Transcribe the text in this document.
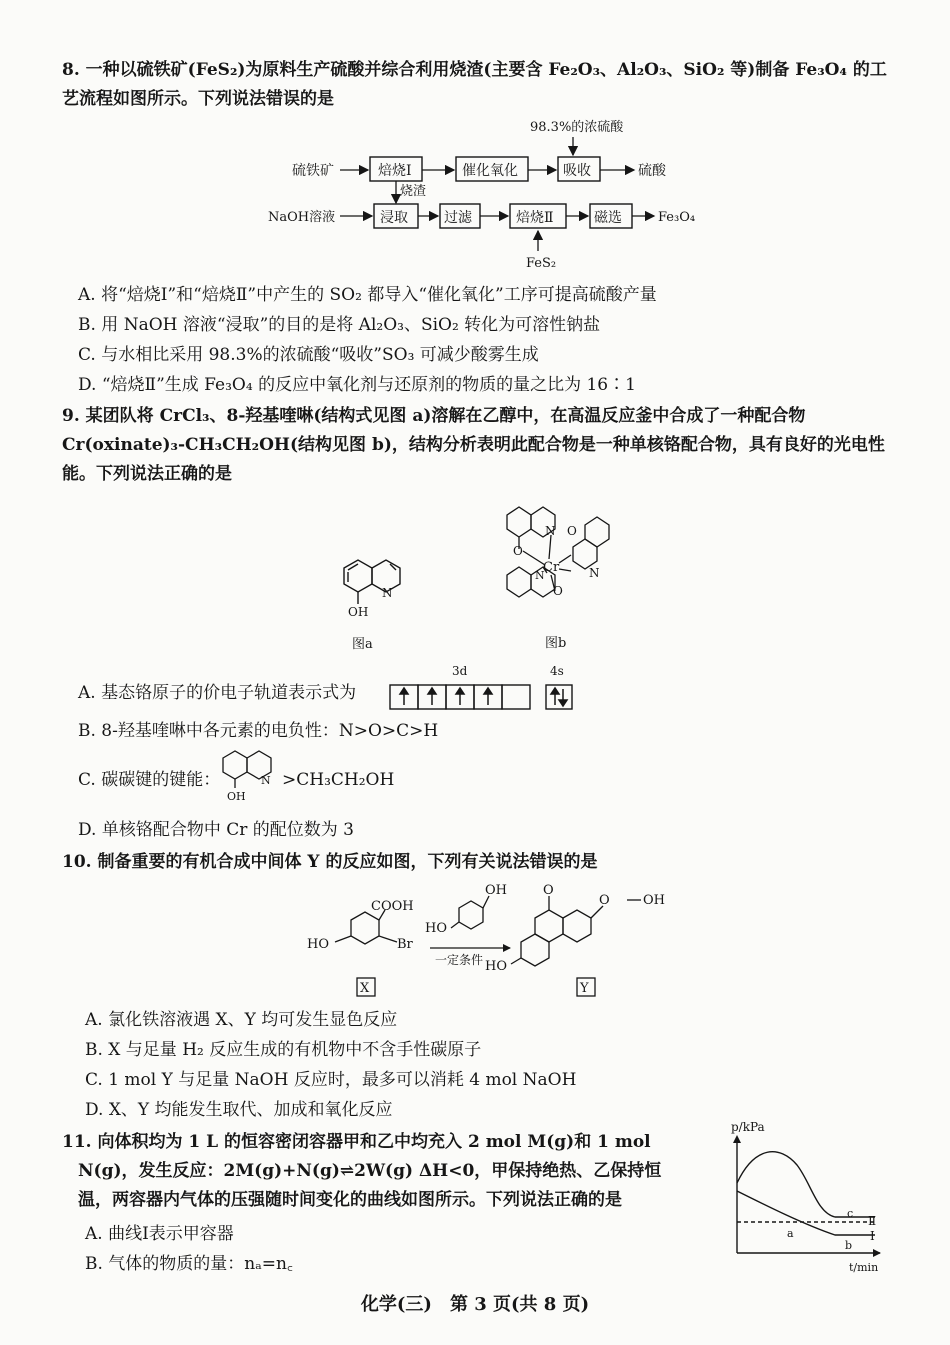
8. 一种以硫铁矿(FeS₂)为原料生产硫酸并综合利用烧渣(主要含 Fe₂O₃、Al₂O₃、SiO₂ 等)制备 Fe₃O₄ 的工艺流程如图所示。下列说法错误的是
98.3%的浓硫酸
硫铁矿	焙烧Ⅰ	催化氧化	吸收	硫酸
烧渣
NaOH溶液	浸取	过滤	焙烧Ⅱ	磁选	Fe₃O₄
FeS₂
A. 将“焙烧Ⅰ”和“焙烧Ⅱ”中产生的 SO₂ 都导入“催化氧化”工序可提高硫酸产量
B. 用 NaOH 溶液“浸取”的目的是将 Al₂O₃、SiO₂ 转化为可溶性钠盐
C. 与水相比采用 98.3%的浓硫酸“吸收”SO₃ 可减少酸雾生成
D. “焙烧Ⅱ”生成 Fe₃O₄ 的反应中氧化剂与还原剂的物质的量之比为 16∶1
9. 某团队将 CrCl₃、8-羟基喹啉(结构式见图 a)溶解在乙醇中，在高温反应釜中合成了一种配合物 Cr(oxinate)₃-CH₃CH₂OH(结构见图 b)，结构分析表明此配合物是一种单核铬配合物，具有良好的光电性能。下列说法正确的是
N
OH
图a
N
O
O
Cr N
N
O
图b
A. 基态铬原子的价电子轨道表示式为
3d	4s
B. 8-羟基喹啉中各元素的电负性：N>O>C>H
C. 碳碳键的键能：	N
OH
>CH₃CH₂OH
D. 单核铬配合物中 Cr 的配位数为 3
10. 制备重要的有机合成中间体 Y 的反应如图，下列有关说法错误的是
COOH
Br
HO
OH
HO
一定条件
O
O	OH
HO
X	Y
A. 氯化铁溶液遇 X、Y 均可发生显色反应
B. X 与足量 H₂ 反应生成的有机物中不含手性碳原子
C. 1 mol Y 与足量 NaOH 反应时，最多可以消耗 4 mol NaOH
D. X、Y 均能发生取代、加成和氧化反应
11. 向体积均为 1 L 的恒容密闭容器甲和乙中均充入 2 mol M(g)和 1 mol
N(g)，发生反应：2M(g)+N(g)⇌2W(g) ΔH<0，甲保持绝热、乙保持恒
温，两容器内气体的压强随时间变化的曲线如图所示。下列说法正确的是
A. 曲线Ⅰ表示甲容器
B. 气体的物质的量：nₐ=n꜀
p/kPa
t/min
a
c
b
Ⅱ
Ⅰ
化学(三)　第 3 页(共 8 页)
